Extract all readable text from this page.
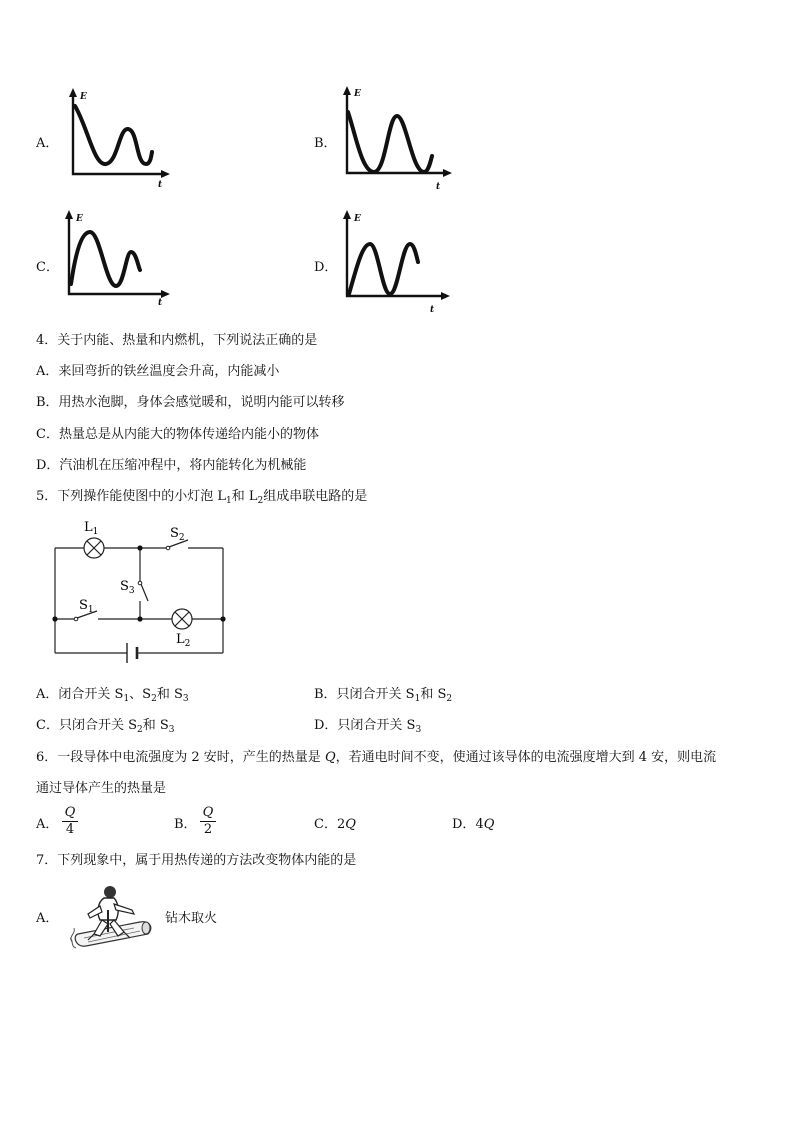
A．
E
t
B．
E
t
C．
E
t
D．
E
t
4．关于内能、热量和内燃机，下列说法正确的是
A．来回弯折的铁丝温度会升高，内能减小
B．用热水泡脚，身体会感觉暖和，说明内能可以转移
C．热量总是从内能大的物体传递给内能小的物体
D．汽油机在压缩冲程中，将内能转化为机械能
5．下列操作能使图中的小灯泡 $L_1$和 $L_2$组成串联电路的是
$L_1$
$L_2$
$S_2$
$S_3$
$S_1$
A．闭合开关 $S_1$、$S_2$和 $S_3$	B．只闭合开关 $S_1$和 $S_2$
C．只闭合开关 $S_2$和 $S_3$	D．只闭合开关 $S_3$
6．一段导体中电流强度为 2 安时，产生的热量是 Q，若通电时间不变，使通过该导体的电流强度增大到 4 安，则电流
通过导体产生的热量是
A．
Q
4	B．
Q
2	C．2Q	D．4Q
7．下列现象中，属于用热传递的方法改变物体内能的是
A．	钻木取火
